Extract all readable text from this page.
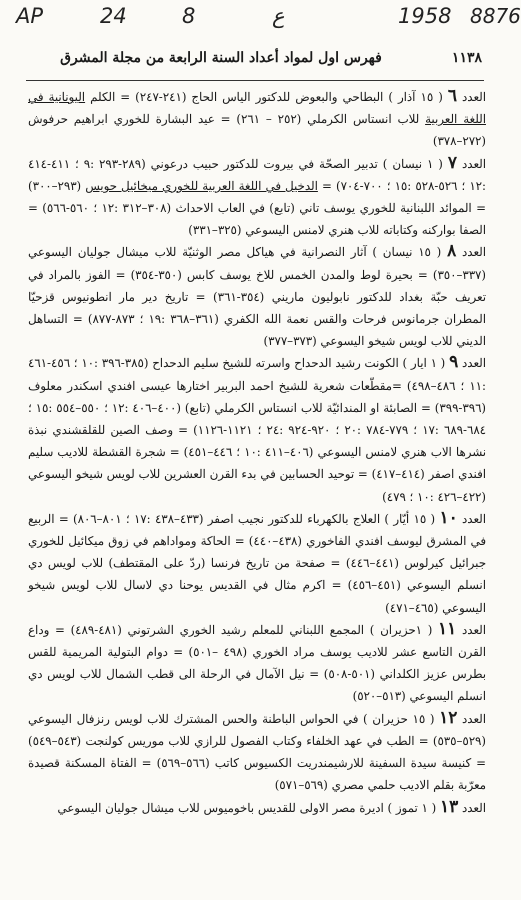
AP	24	8	ع	1958 8876
١١٣٨
فهرس اول لمواد أعداد السنة الرابعة من مجلة المشرق

العدد ٦ ( ١٥ آذار ) البطاحي والبعوض للدكتور الياس الحاج (٢٤١-٢٤٧) = الكلم اليونانية في اللغة العربية للاب انستاس الكرملي (٢٥٢ – ٢٦١) = عيد البشارة للخوري ابراهيم حرفوش (٢٧٢–٣٧٨)

العدد ٧ ( ١ نيسان ) تدبير الصحّة في بيروت للدكتور حبيب درعوني (٢٨٩-٢٩٣ :٩ ؛ ٤١١-٤١٤ :١٢ ؛ ٥٢٦-٥٢٨ :١٥ ؛ ٧٠٠-٧٠٤) = الدخيل في اللغة العربية للخوري ميخائيل حويس (٢٩٣–٣٠٠) = الموائد اللبنانية للخوري يوسف تاني (تابع) في العاب الاحداث (٣٠٨–٣١٢ :١٢ ؛ ٥٦٠-٥٦٦) = الصفا بواركنه وكتاباته للاب هنري لامنس اليسوعي (٣٢٥–٣٣١)

العدد ٨ ( ١٥ نيسان ) آثار النصرانية في هياكل مصر الوثنيّة للاب ميشال جوليان اليسوعي (٣٣٧–٣٥٠) = بحيرة لوط والمدن الخمس للاخ يوسف كابس (٣٥٠-٣٥٤) = الفوز بالمراد في تعريف حبّة بغداد للدكتور نابوليون ماريني (٣٥٤-٣٦١) = تاريخ دير مار انطونيوس قزحيّا المطران جرمانوس فرحات والقس نعمة الله الكفري (٣٦١–٣٦٨ :١٩ ؛ ٨٧٣-٨٧٧) = التساهل الديني للاب لويس شيخو اليسوعي (٣٧٣–٣٧٧)

العدد ٩ ( ١ ايار ) الكونت رشيد الدحداح واسرته للشيخ سليم الدحداح (٣٨٥-٣٩٦ :١٠ ؛ ٤٥٦-٤٦١ :١١ ؛ ٤٨٦–٤٩٨) =مقطّعات شعرية للشيخ احمد البربير اختارها عيسى افندي اسكندر معلوف (٣٩٦-٣٩٩) = الصابئة او المندائيّة للاب انستاس الكرملي (تابع) (٤٠٠–٤٠٦ :١٢ ؛ ٥٥٠–٥٥٤ :١٥ ؛ ٦٨٤-٦٨٩ :١٧ ؛ ٧٧٩-٧٨٤ :٢٠ ؛ ٩٢٠-٩٢٤ :٢٤ ؛ ١١٢١-١١٢٦) = وصف الصين للقلقشندي نبذة نشرها الاب هنري لامنس اليسوعي (٤٠٦–٤١١ :١٠ ؛ ٤٤٦–٤٥١) = شجرة القشطة للاديب سليم افندي اصفر (٤١٤–٤١٧) = توحيد الحسابين في بدء القرن العشرين للاب لويس شيخو اليسوعي (٤٢٢–٤٢٦ :١٠ ؛ ٤٧٩)

العدد ١٠ ( ١٥ أيّار ) العلاج بالكهرباء للدكتور نجيب اصفر (٤٣٣–٤٣٨ :١٧ ؛ ٨٠١–٨٠٦) = الربيع في المشرق ليوسف افندي الفاخوري (٤٣٨–٤٤٠) = الحاكة ومواداهم في زوق ميكائيل للخوري جبرائيل كيرلوس (٤٤١–٤٤٦) = صفحة من تاريخ فرنسا (ردّ على المقتطف) للاب لويس دي انسلم اليسوعي (٤٥١–٤٥٦) = اكرم مثال في القديس يوحنا دي لاسال للاب لويس شيخو اليسوعي (٤٦٥–٤٧١)

العدد ١١ ( ١حزيران ) المجمع اللبناني للمعلم رشيد الخوري الشرتوني (٤٨١-٤٨٩) = وداع القرن التاسع عشر للاديب يوسف مراد الخوري (٤٩٨ –٥٠١) = دوام البتولية المريمية للقس بطرس عزيز الكلداني (٥٠١-٥٠٨) = نيل الآمال في الرحلة الى قطب الشمال للاب لويس دي انسلم اليسوعي (٥١٣–٥٢٠)

العدد ١٢ ( ١٥ حزيران ) في الحواس الباطنة والحس المشترك للاب لويس رنزفال اليسوعي (٥٢٩–٥٣٥) = الطب في عهد الخلفاء وكتاب الفصول للرازي للاب موريس كولنجت (٥٤٣–٥٤٩) = كنيسة سيدة السفينة للارشيمندريت الكسيوس كاتب (٥٦٦–٥٦٩) = الفتاة المسكنة قصيدة معرّبة بقلم الاديب حلمي مصري (٥٦٩–٥٧١)

العدد ١٣ ( ١ تموز ) اديرة مصر الاولى للقديس باخوميوس للاب ميشال جوليان اليسوعي
